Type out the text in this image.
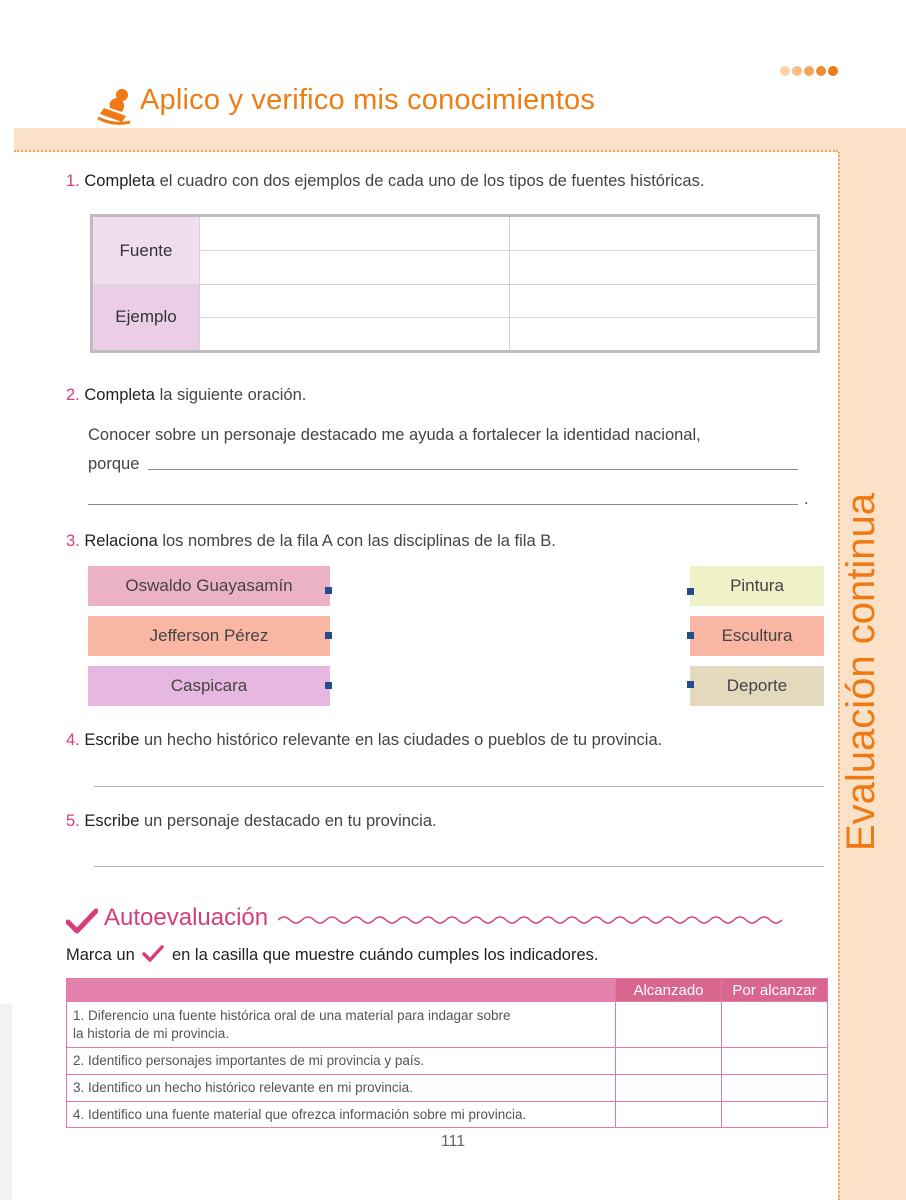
Aplico y verifico mis conocimientos
Evaluación continua
1. Completa el cuadro con dos ejemplos de cada uno de los tipos de fuentes históricas.
Fuente
Ejemplo
2. Completa la siguiente oración.
Conocer sobre un personaje destacado me ayuda a fortalecer la identidad nacional,
porque
.
3. Relaciona los nombres de la fila A con las disciplinas de la fila B.
Oswaldo Guayasamín
Jefferson Pérez
Caspicara
Pintura
Escultura
Deporte
4. Escribe un hecho histórico relevante en las ciudades o pueblos de tu provincia.
5. Escribe un personaje destacado en tu provincia.
Autoevaluación
Marca un en la casilla que muestre cuándo cumples los indicadores.
	Alcanzado	Por alcanzar
1. Diferencio una fuente histórica oral de una material para indagar sobre
la historia de mi provincia.		
2. Identifico personajes importantes de mi provincia y país.		
3. Identifico un hecho histórico relevante en mi provincia.		
4. Identifico una fuente material que ofrezca información sobre mi provincia.		
111
